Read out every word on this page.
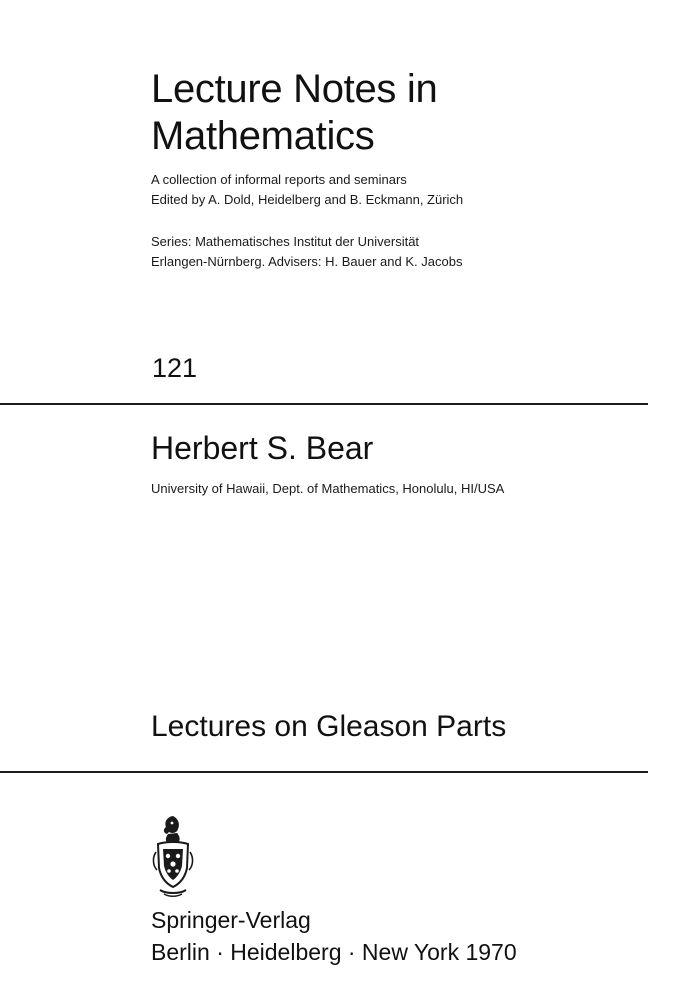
Lecture Notes in
Mathematics
A collection of informal reports and seminars
Edited by A. Dold, Heidelberg and B. Eckmann, Zürich
Series: Mathematisches Institut der Universität
Erlangen-Nürnberg. Advisers: H. Bauer and K. Jacobs
121
Herbert S. Bear
University of Hawaii, Dept. of Mathematics, Honolulu, HI/USA
Lectures on Gleason Parts
Springer-Verlag
Berlin · Heidelberg · New York 1970
